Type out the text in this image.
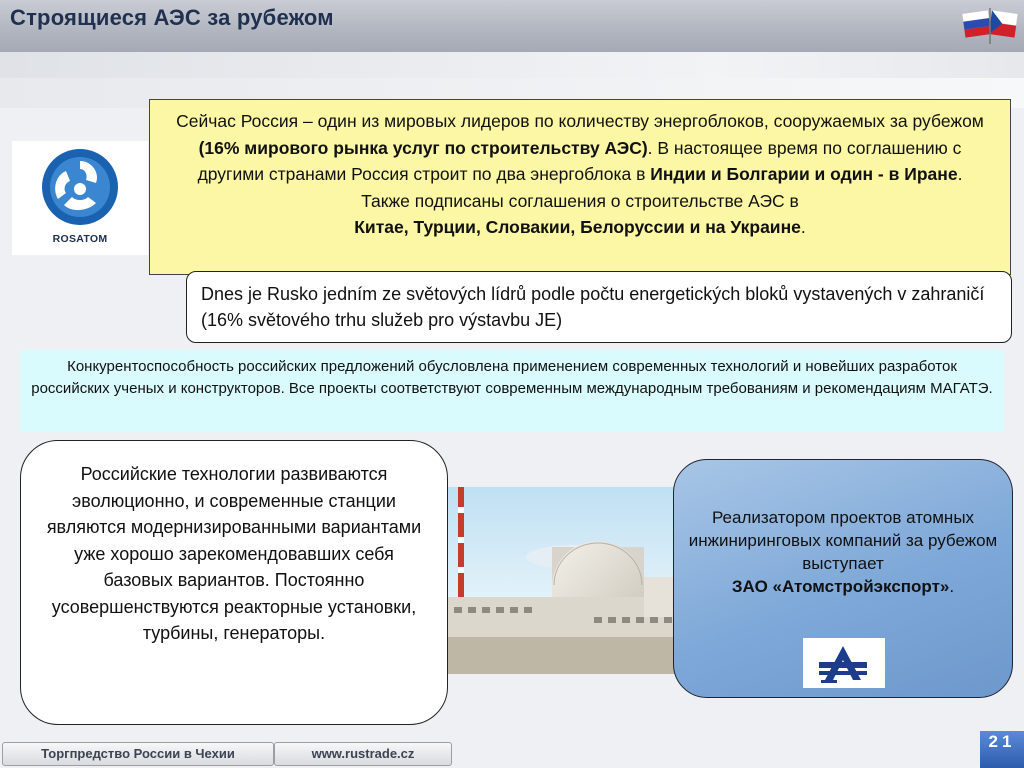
Строящиеся АЭС за рубежом
ROSATOM
Сейчас Россия – один из мировых лидеров по количеству энергоблоков, сооружаемых за рубежом (16% мирового рынка услуг по строительству АЭС). В настоящее время по соглашению с другими странами Россия строит по два энергоблока в Индии и Болгарии и один - в Иране.
Также подписаны соглашения о строительстве АЭС в
Китае, Турции, Словакии, Белоруссии и на Украине.
Dnes je Rusko jedním ze světových lídrů podle počtu energetických bloků vystavených v zahraničí (16% světového trhu služeb pro výstavbu JE)
Конкурентоспособность российских предложений обусловлена применением современных технологий и новейших разработок российских ученых и конструкторов. Все проекты соответствуют современным международным требованиям и рекомендациям МАГАТЭ.
Российские технологии развиваются эволюционно, и современные станции являются модернизированными вариантами уже хорошо зарекомендовавших себя базовых вариантов. Постоянно усовершенствуются реакторные установки, турбины, генераторы.
Реализатором проектов атомных инжиниринговых компаний за рубежом выступает
ЗАО «Атомстройэкспорт».
Торгпредство России в Чехии	www.rustrade.cz
21
